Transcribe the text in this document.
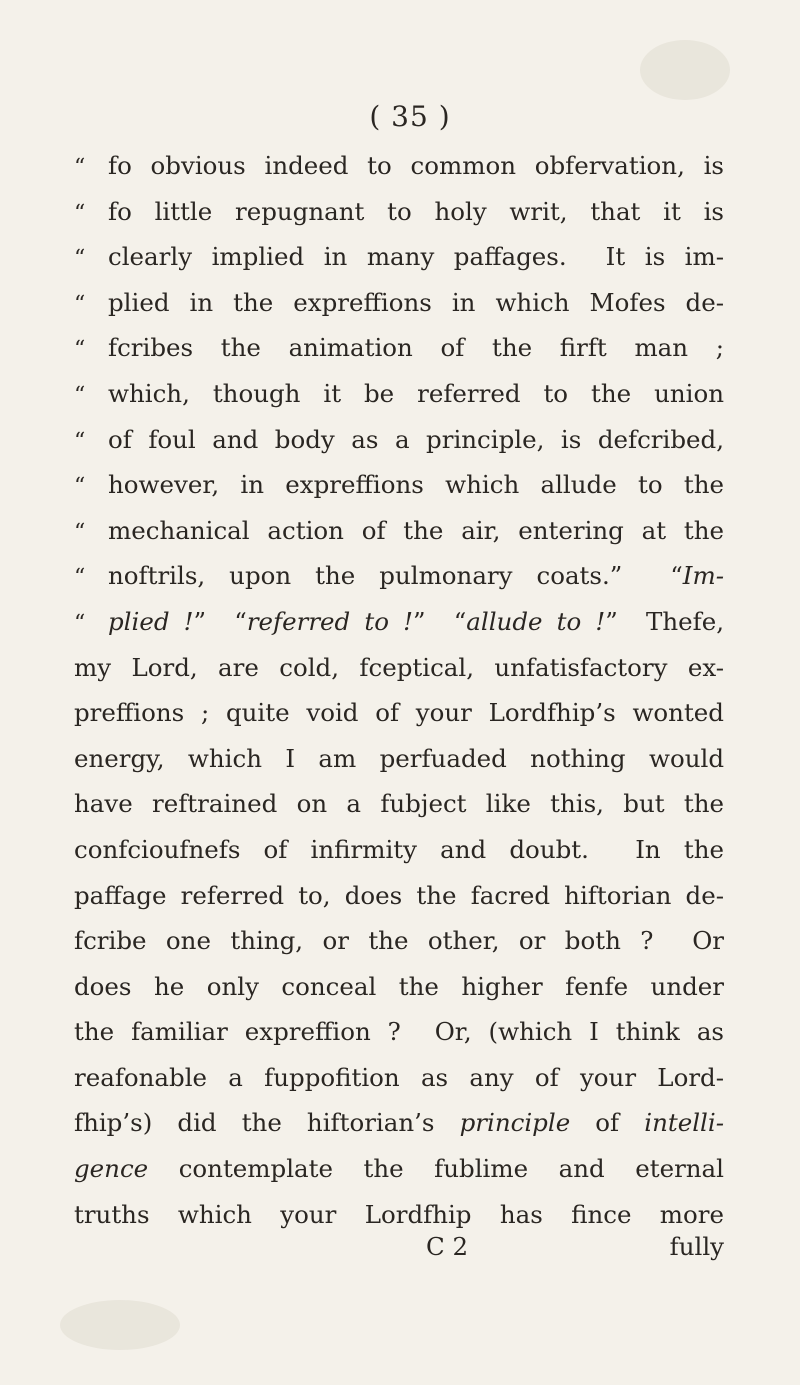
( 35 )
“ fo obvious indeed to common obfervation, is
“ fo little repugnant to holy writ, that it is
“ clearly implied in many paffages.  It is im-
“ plied in the expreffions in which Mofes de-
“ fcribes the animation of the firft man ;
“ which, though it be referred to the union
“ of foul and body as a principle, is defcribed,
“ however, in expreffions which allude to the
“ mechanical action of the air, entering at the
“ noftrils, upon the pulmonary coats.”  “Im-
“ plied !”  “referred to !”  “allude to !”  Thefe,
my Lord, are cold, fceptical, unfatisfactory ex-
preffions ; quite void of your Lordfhip’s wonted
energy, which I am perfuaded nothing would
have reftrained on a fubject like this, but the
confcioufnefs of infirmity and doubt.  In the
paffage referred to, does the facred hiftorian de-
fcribe one thing, or the other, or both ?  Or
does he only conceal the higher fenfe under
the familiar expreffion ?  Or, (which I think as
reafonable a fuppofition as any of your Lord-
fhip’s) did the hiftorian’s principle of intelli-
gence contemplate the fublime and eternal
truths which your Lordfhip has fince more
C 2	fully
